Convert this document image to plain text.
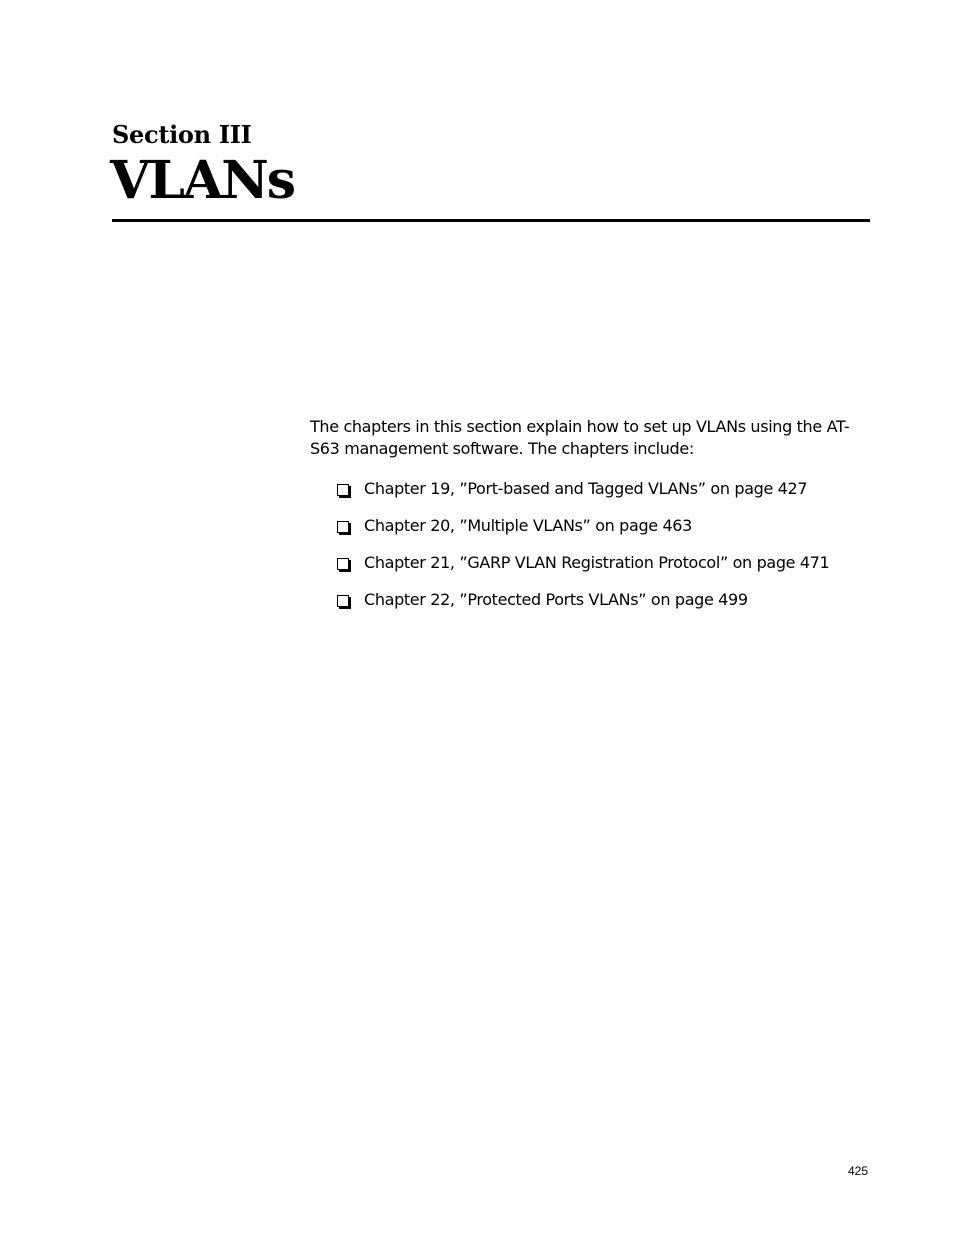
Section III
VLANs

The chapters in this section explain how to set up VLANs using the AT-S63 management software. The chapters include:

Chapter 19, ”Port-based and Tagged VLANs” on page 427
Chapter 20, ”Multiple VLANs” on page 463
Chapter 21, ”GARP VLAN Registration Protocol” on page 471
Chapter 22, ”Protected Ports VLANs” on page 499
425
